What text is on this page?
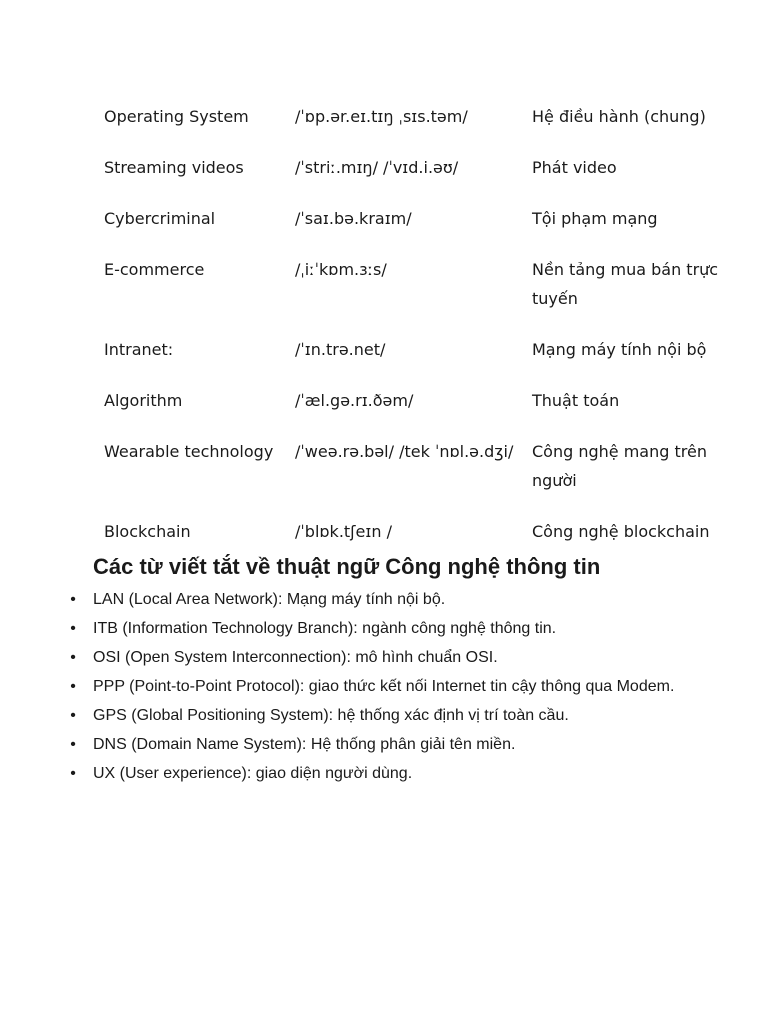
Operating System	/ˈɒp.ər.eɪ.tɪŋ ˌsɪs.təm/	Hệ điều hành (chung)
Streaming videos	/ˈstriː.mɪŋ/ /ˈvɪd.i.əʊ/	Phát video
Cybercriminal	/ˈsaɪ.bə.kraɪm/	Tội phạm mạng
E-commerce	/ˌiːˈkɒm.ɜːs/	Nền tảng mua bán trực tuyến
Intranet:	/ˈɪn.trə.net/	Mạng máy tính nội bộ
Algorithm	/ˈæl.gə.rɪ.ðəm/	Thuật toán
Wearable technology	/ˈweə.rə.bəl/ /tek ˈnɒl.ə.dʒi/	Công nghệ mang trên người
Blockchain	/ˈblɒk.tʃeɪn /	Công nghệ blockchain
Các từ viết tắt về thuật ngữ Công nghệ thông tin
• LAN (Local Area Network): Mạng máy tính nội bộ.
• ITB (Information Technology Branch): ngành công nghệ thông tin.
• OSI (Open System Interconnection): mô hình chuẩn OSI.
• PPP (Point-to-Point Protocol): giao thức kết nối Internet tin cậy thông qua Modem.
• GPS (Global Positioning System): hệ thống xác định vị trí toàn cầu.
• DNS (Domain Name System): Hệ thống phân giải tên miền.
• UX (User experience): giao diện người dùng.
